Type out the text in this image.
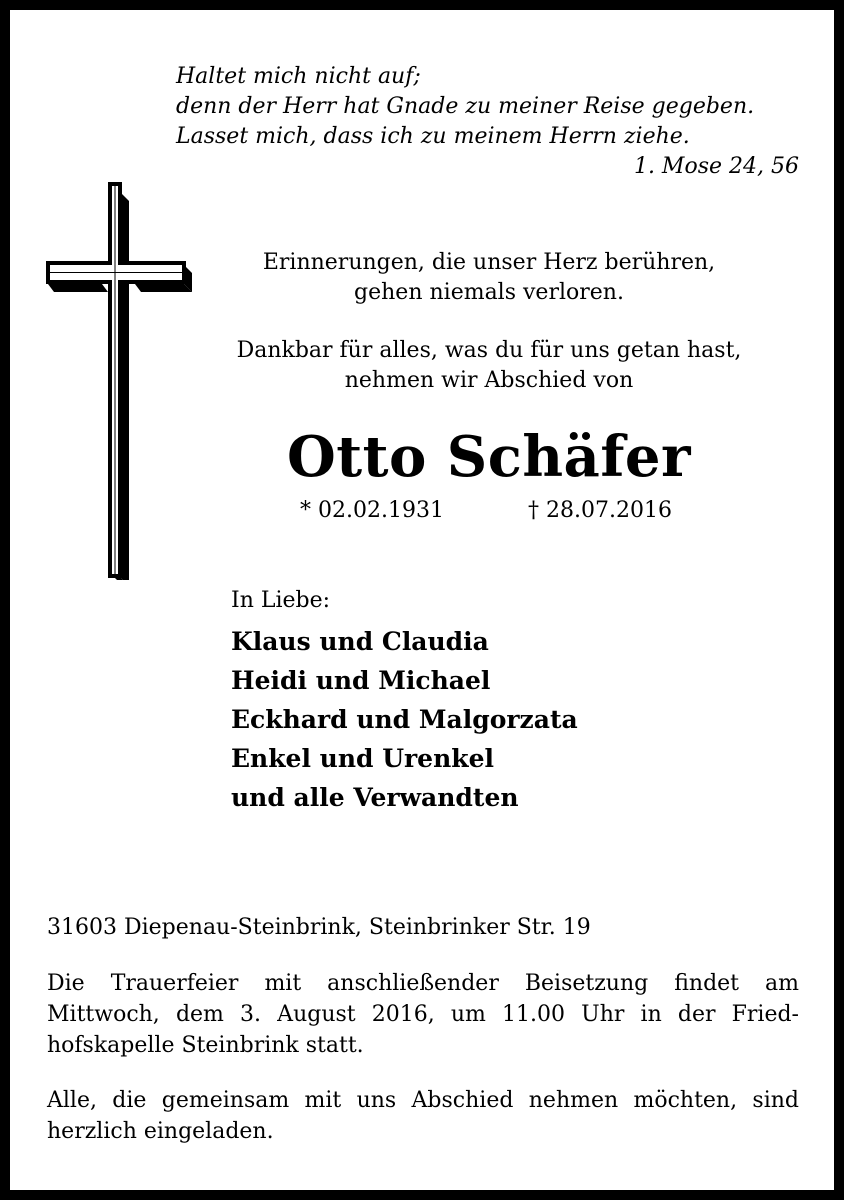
Haltet mich nicht auf;
denn der Herr hat Gnade zu meiner Reise gegeben.
Lasset mich, dass ich zu meinem Herrn ziehe.
1. Mose 24, 56
Erinnerungen, die unser Herz berühren,
gehen niemals verloren.
Dankbar für alles, was du für uns getan hast,
nehmen wir Abschied von
Otto Schäfer
* 02.02.1931	† 28.07.2016
In Liebe:
Klaus und Claudia
Heidi und Michael
Eckhard und Malgorzata
Enkel und Urenkel
und alle Verwandten
31603 Diepenau-Steinbrink, Steinbrinker Str. 19
Die Trauerfeier mit anschließender Beisetzung findet am
Mittwoch, dem 3. August 2016, um 11.00 Uhr in der Fried-
hofskapelle Steinbrink statt.
Alle, die gemeinsam mit uns Abschied nehmen möchten, sind
herzlich eingeladen.
